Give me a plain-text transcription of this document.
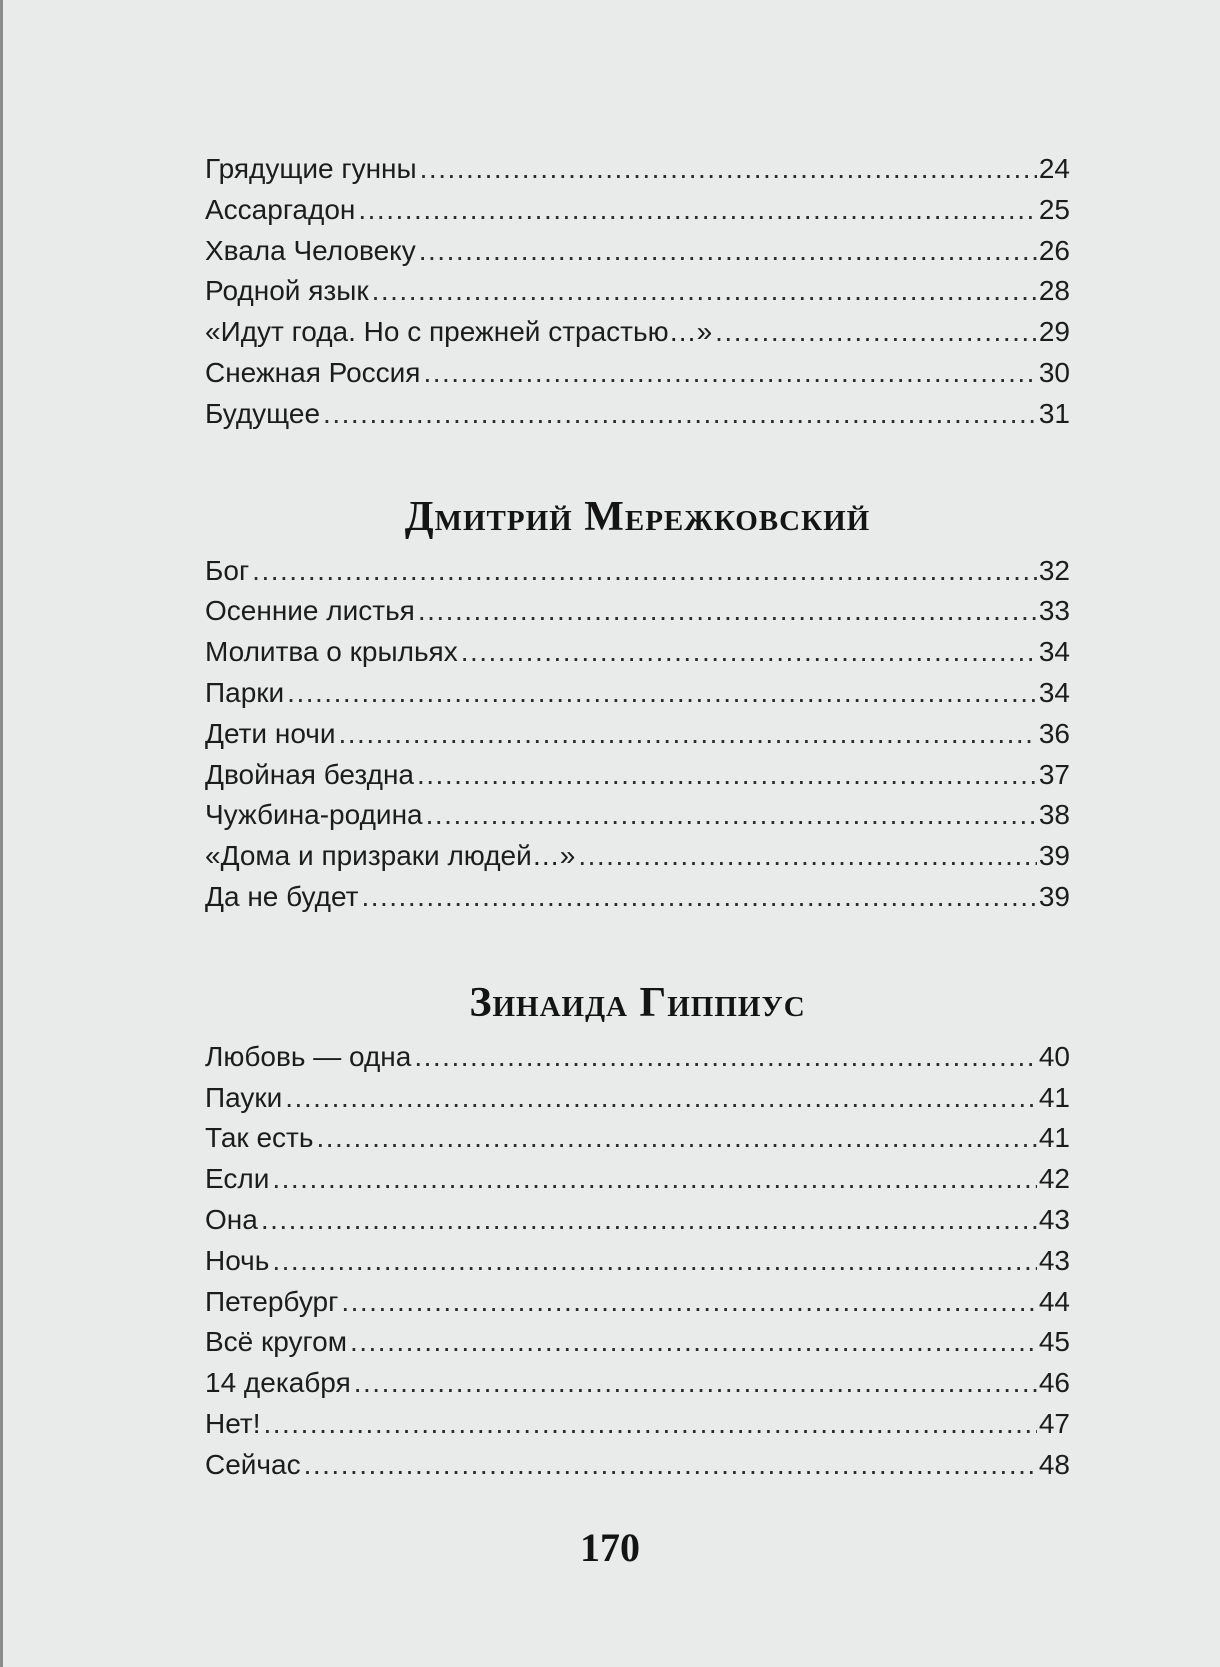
Грядущие гунны .....	24
Ассаргадон .....	25
Хвала Человеку .....	26
Родной язык .....	28
«Идут года. Но с прежней страстью…» .....	29
Снежная Россия .....	30
Будущее .....	31
Дмитрий Мережковский
Бог .....	32
Осенние листья .....	33
Молитва о крыльях .....	34
Парки .....	34
Дети ночи .....	36
Двойная бездна .....	37
Чужбина-родина .....	38
«Дома и призраки людей…» .....	39
Да не будет .....	39
Зинаида Гиппиус
Любовь — одна .....	40
Пауки .....	41
Так есть .....	41
Если .....	42
Она .....	43
Ночь .....	43
Петербург .....	44
Всё кругом .....	45
14 декабря .....	46
Нет! .....	47
Сейчас .....	48
170
